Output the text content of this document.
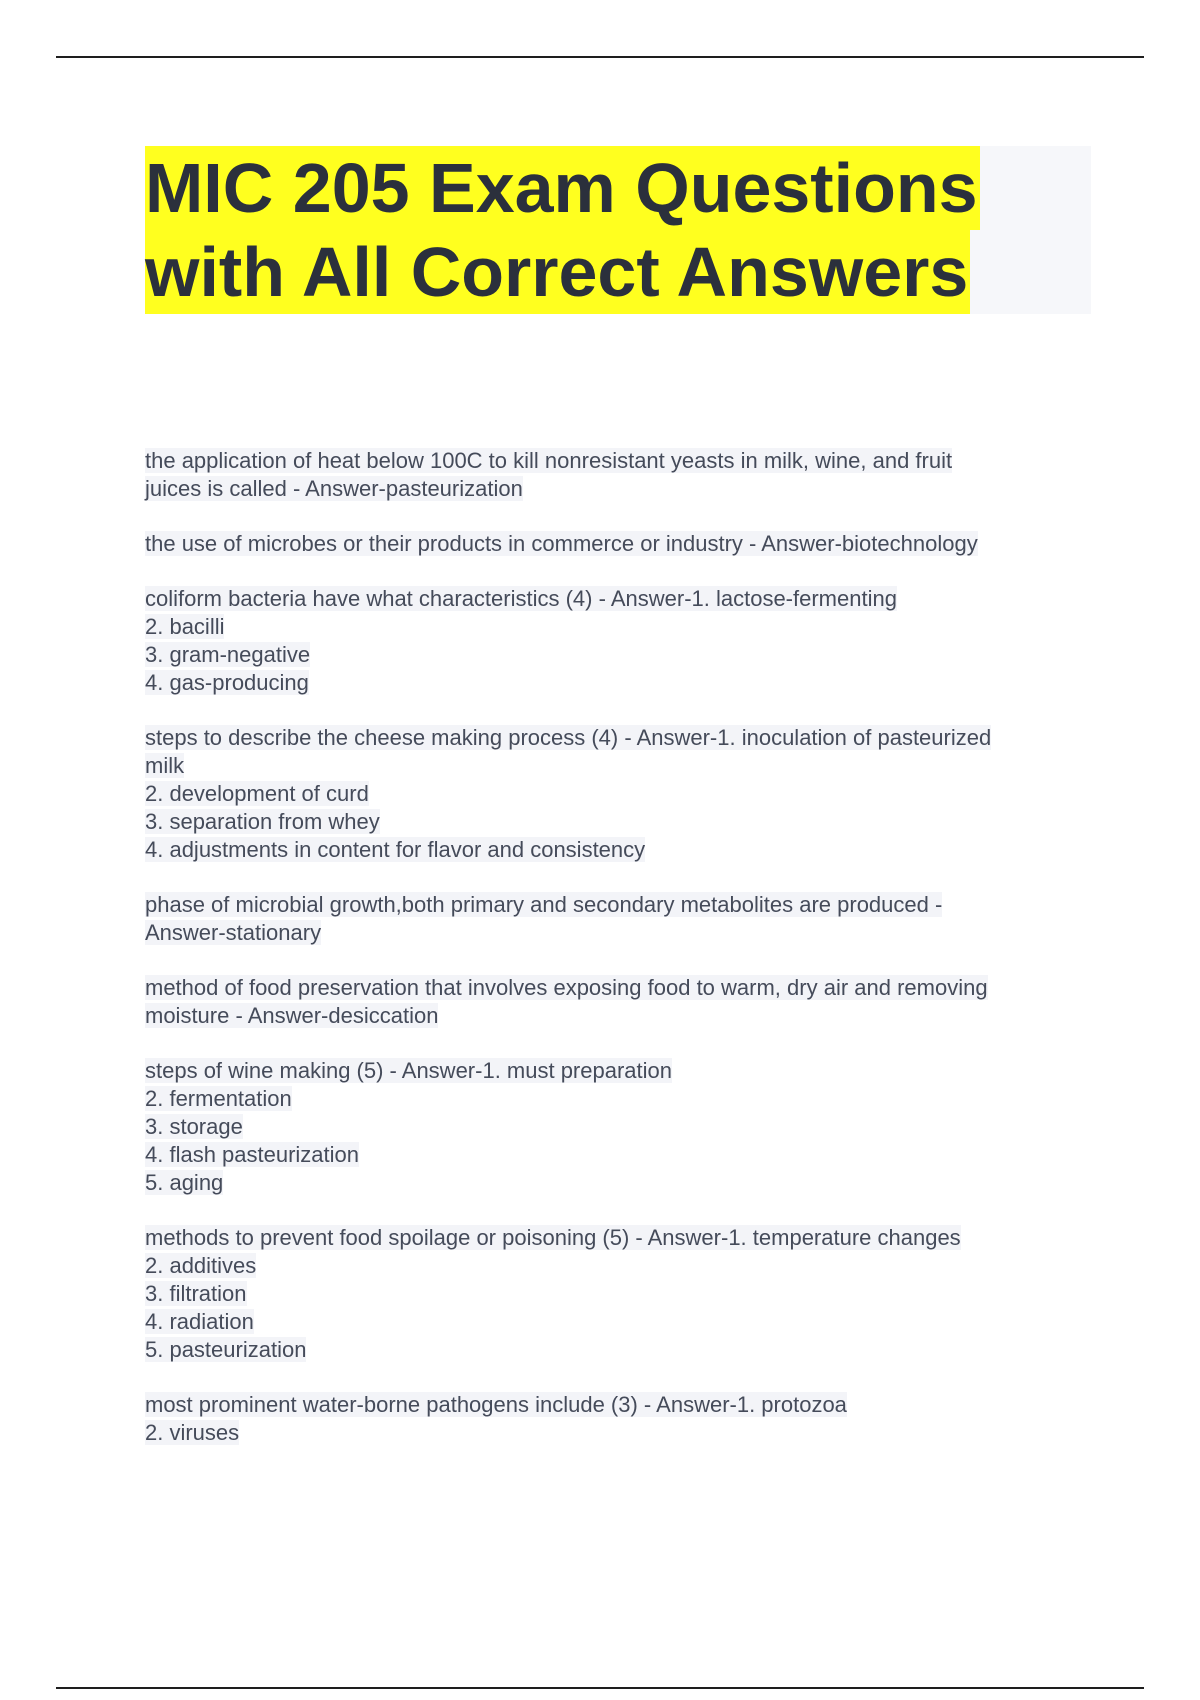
MIC 205 Exam Questions
with All Correct Answers
the application of heat below 100C to kill nonresistant yeasts in milk, wine, and fruit
juices is called - Answer-pasteurization
the use of microbes or their products in commerce or industry - Answer-biotechnology
coliform bacteria have what characteristics (4) - Answer-1. lactose-fermenting
2. bacilli
3. gram-negative
4. gas-producing
steps to describe the cheese making process (4) - Answer-1. inoculation of pasteurized
milk
2. development of curd
3. separation from whey
4. adjustments in content for flavor and consistency
phase of microbial growth,both primary and secondary metabolites are produced -
Answer-stationary
method of food preservation that involves exposing food to warm, dry air and removing
moisture - Answer-desiccation
steps of wine making (5) - Answer-1. must preparation
2. fermentation
3. storage
4. flash pasteurization
5. aging
methods to prevent food spoilage or poisoning (5) - Answer-1. temperature changes
2. additives
3. filtration
4. radiation
5. pasteurization
most prominent water-borne pathogens include (3) - Answer-1. protozoa
2. viruses
